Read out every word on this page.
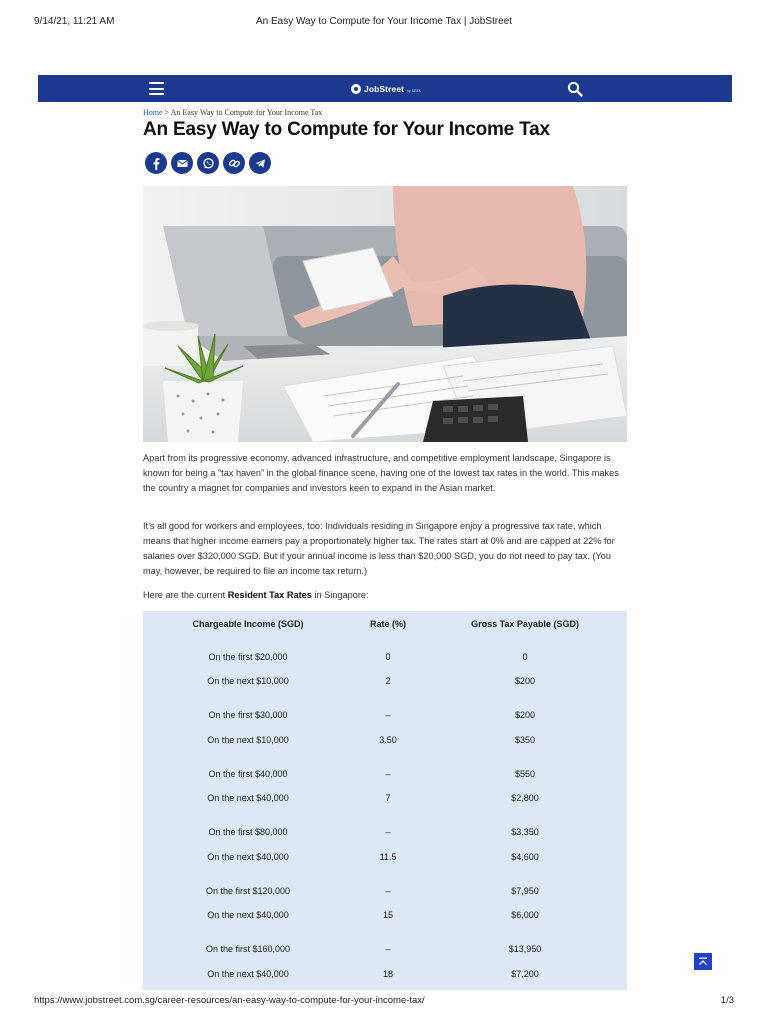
9/14/21, 11:21 AM	An Easy Way to Compute for Your Income Tax | JobStreet
JobStreet by SEEK
Home > An Easy Way to Compute for Your Income Tax
An Easy Way to Compute for Your Income Tax

Apart from its progressive economy, advanced infrastructure, and competitive employment landscape, Singapore is known for being a “tax haven” in the global finance scene, having one of the lowest tax rates in the world. This makes the country a magnet for companies and investors keen to expand in the Asian market.

It’s all good for workers and employees, too: Individuals residing in Singapore enjoy a progressive tax rate, which means that higher income earners pay a proportionately higher tax. The rates start at 0% and are capped at 22% for salaries over $320,000 SGD. But if your annual income is less than $20,000 SGD, you do not need to pay tax. (You may, however, be required to file an income tax return.)

Here are the current Resident Tax Rates in Singapore:

Chargeable Income (SGD)	Rate (%)	Gross Tax Payable (SGD)

On the first $20,000	0	0
On the next $10,000	2	$200

On the first $30,000	–	$200
On the next $10,000	3.50	$350

On the first $40,000	–	$550
On the next $40,000	7	$2,800

On the first $80,000	–	$3,350
On the next $40,000	11.5	$4,600

On the first $120,000	–	$7,950
On the next $40,000	15	$6,000

On the first $160,000	–	$13,950
On the next $40,000	18	$7,200
https://www.jobstreet.com.sg/career-resources/an-easy-way-to-compute-for-your-income-tax/	1/3
